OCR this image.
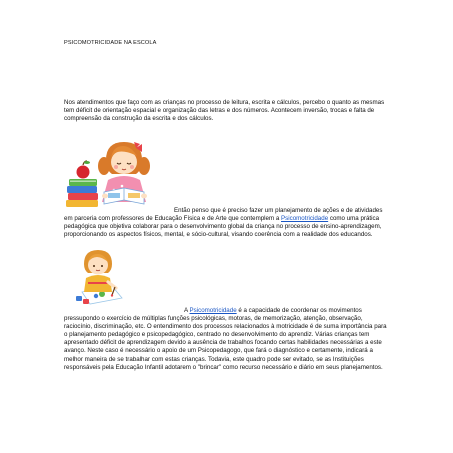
PSICOMOTRICIDADE NA ESCOLA

Nos atendimentos que faço com as crianças no processo de leitura, escrita e cálculos, percebo o quanto as mesmas tem déficit de orientação espacial e organização das letras e dos números. Acontecem inversão, trocas e falta de compreensão da construção da escrita e dos cálculos.

Então penso que é preciso fazer um planejamento de ações e de atividades em parceria com professores de Educação Física e de Arte que contemplem a Psicomotricidade como uma prática pedagógica que objetiva colaborar para o desenvolvimento global da criança no processo de ensino-aprendizagem, proporcionando os aspectos físicos, mental, e sócio-cultural, visando coerência com a realidade dos educandos.

A Psicomotricidade é a capacidade de coordenar os movimentos pressupondo o exercício de múltiplas funções psicológicas, motoras, de memorização, atenção, observação, raciocínio, discriminação, etc. O entendimento dos processos relacionados à motricidade é de suma importância para o planejamento pedagógico e psicopedagógico, centrado no desenvolvimento do aprendiz. Várias crianças tem apresentado déficit de aprendizagem devido a ausência de trabalhos focando certas habilidades necessárias a este avanço. Neste caso é necessário o apoio de um Psicopedagogo, que fará o diagnóstico e certamente, indicará a melhor maneira de se trabalhar com estas crianças. Todavia, este quadro pode ser evitado, se as Instituições responsáveis pela Educação Infantil adotarem o "brincar" como recurso necessário e diário em seus planejamentos.
